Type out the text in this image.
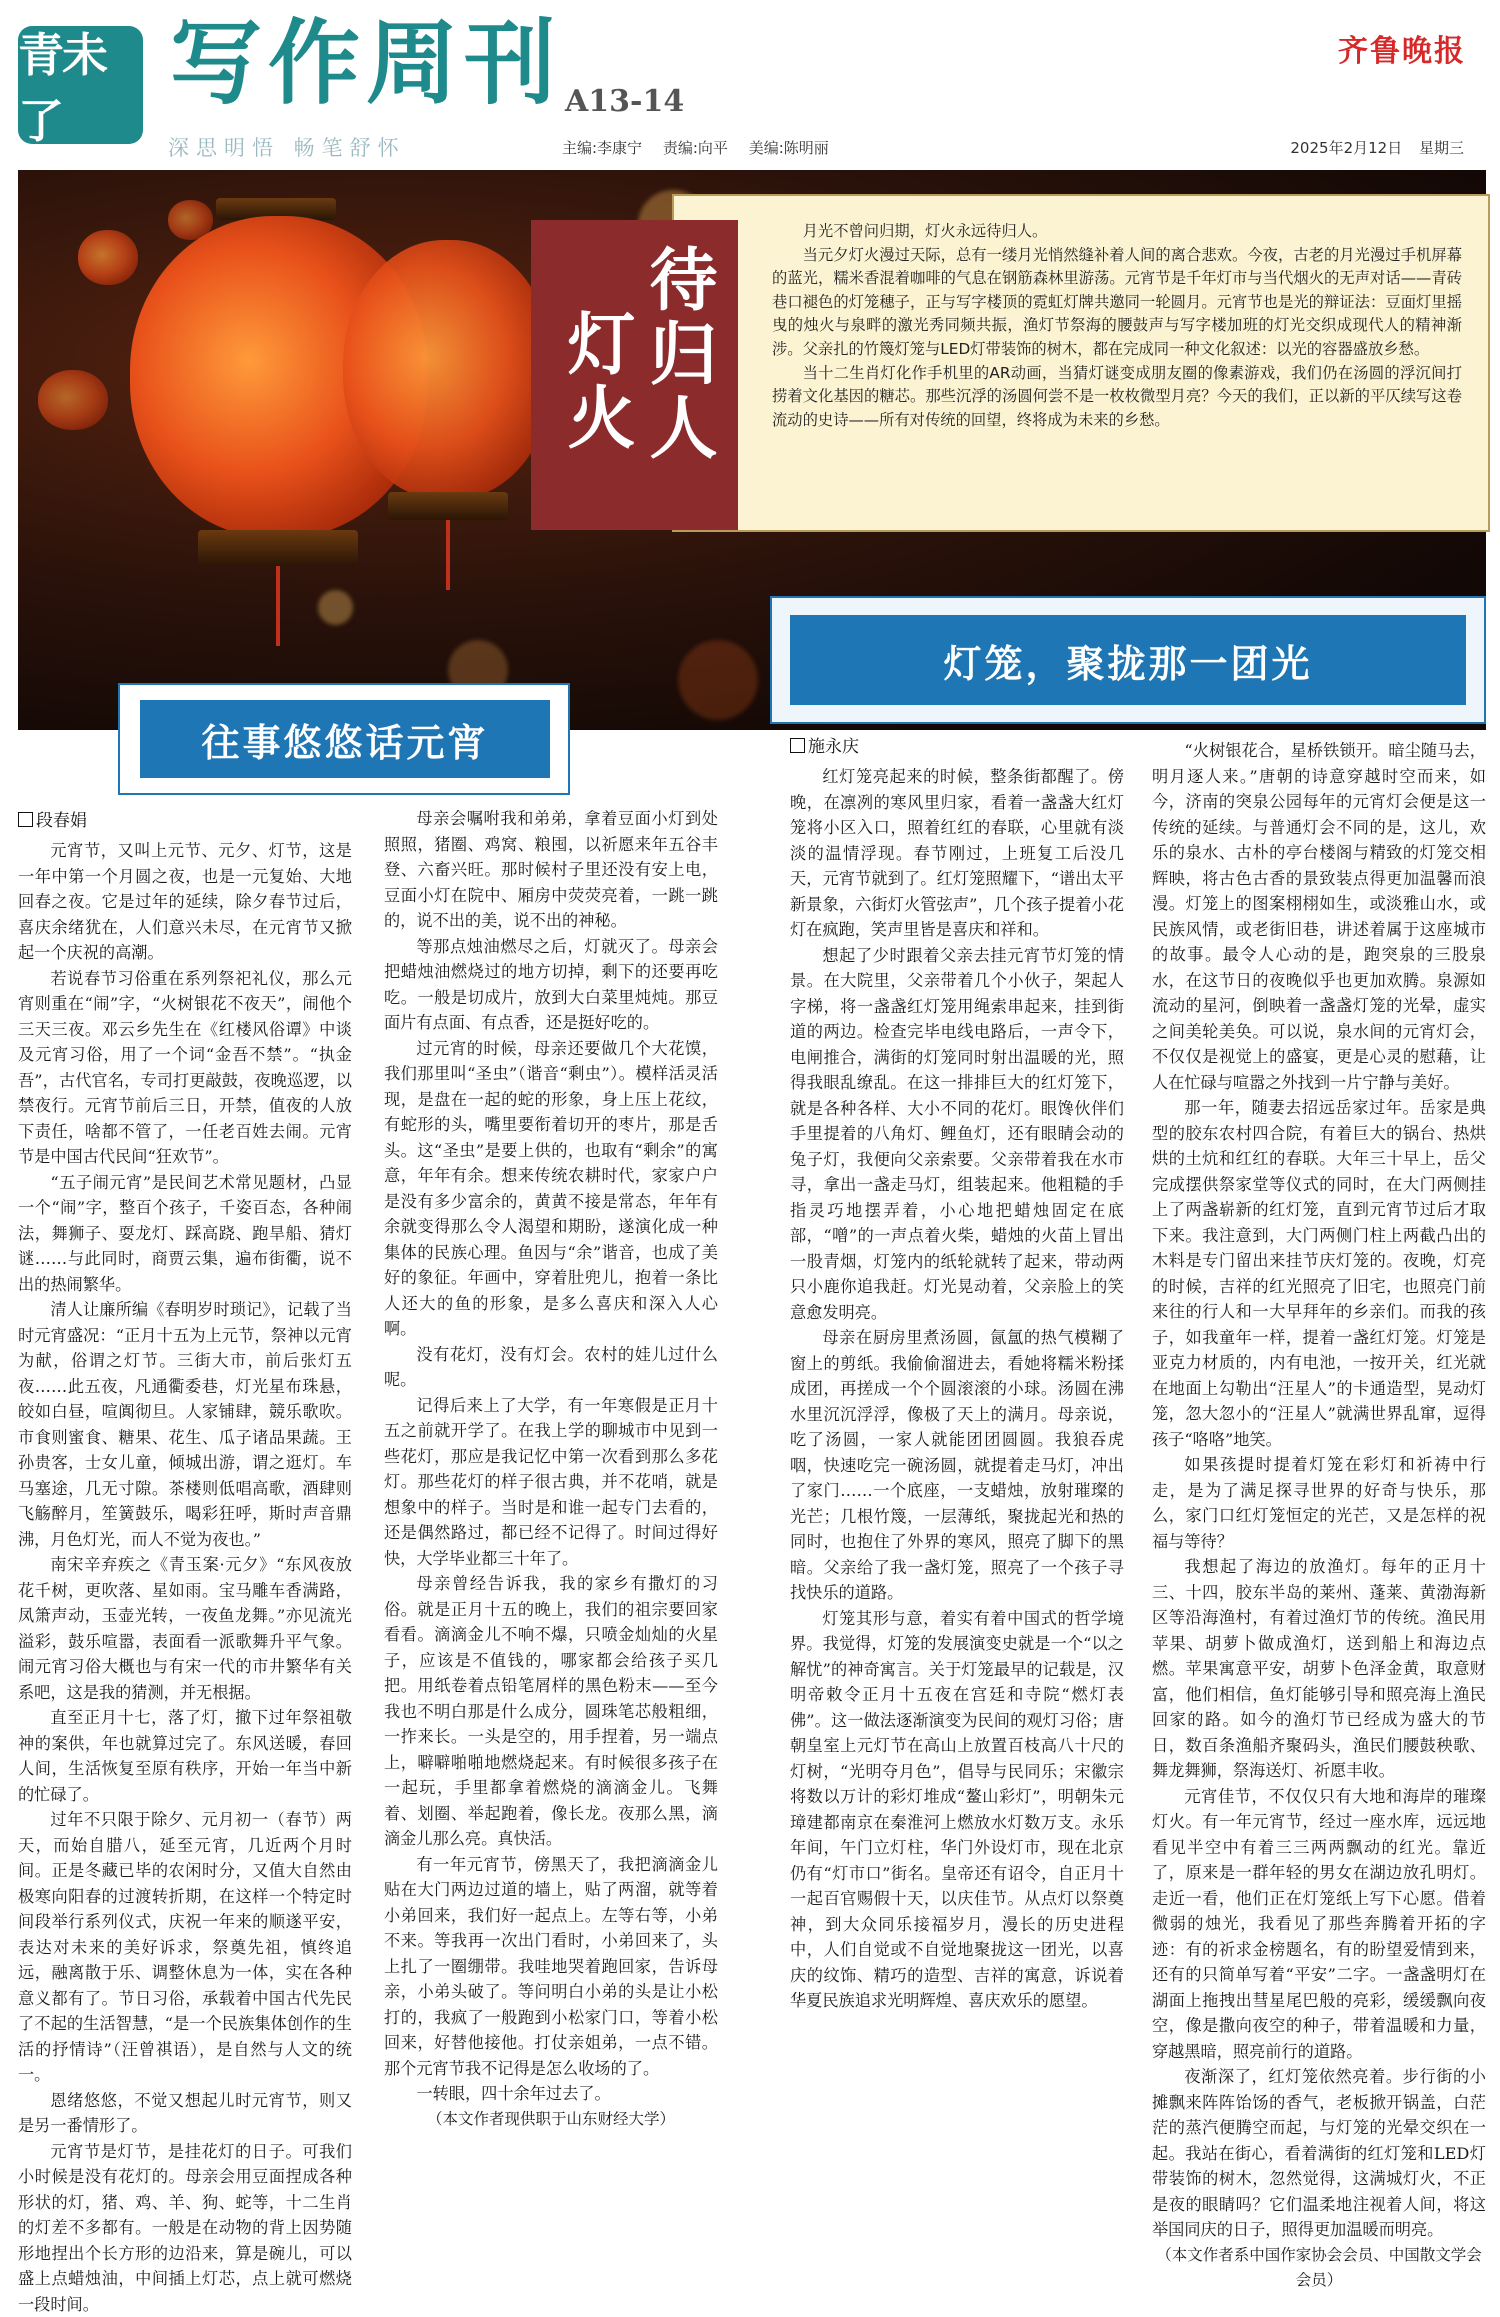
青未了
写作周刊 A13-14
齐鲁晚报
深思明悟 畅笔舒怀	主编:李康宁 责编:向平 美编:陈明丽	2025年2月12日 星期三

月光不曾问归期，灯火永远待归人。

当元夕灯火漫过天际，总有一缕月光悄然缝补着人间的离合悲欢。今夜，古老的月光漫过手机屏幕的蓝光，糯米香混着咖啡的气息在钢筋森林里游荡。元宵节是千年灯市与当代烟火的无声对话——青砖巷口褪色的灯笼穗子，正与写字楼顶的霓虹灯牌共邀同一轮圆月。元宵节也是光的辩证法：豆面灯里摇曳的烛火与泉畔的激光秀同频共振，渔灯节祭海的腰鼓声与写字楼加班的灯光交织成现代人的精神渐涉。父亲扎的竹篾灯笼与LED灯带装饰的树木，都在完成同一种文化叙述：以光的容器盛放乡愁。

当十二生肖灯化作手机里的AR动画，当猜灯谜变成朋友圈的像素游戏，我们仍在汤圆的浮沉间打捞着文化基因的糖芯。那些沉浮的汤圆何尝不是一枚枚微型月亮？今天的我们，正以新的平仄续写这卷流动的史诗——所有对传统的回望，终将成为未来的乡愁。

待归人
灯火
灯笼，聚拢那一团光
往事悠悠话元宵
段春娟
施永庆

元宵节，又叫上元节、元夕、灯节，这是一年中第一个月圆之夜，也是一元复始、大地回春之夜。它是过年的延续，除夕春节过后，喜庆余绪犹在，人们意兴未尽，在元宵节又掀起一个庆祝的高潮。

若说春节习俗重在系列祭祀礼仪，那么元宵则重在“闹”字，“火树银花不夜天”，闹他个三天三夜。邓云乡先生在《红楼风俗谭》中谈及元宵习俗，用了一个词“金吾不禁”。“执金吾”，古代官名，专司打更敲鼓，夜晚巡逻，以禁夜行。元宵节前后三日，开禁，值夜的人放下责任，啥都不管了，一任老百姓去闹。元宵节是中国古代民间“狂欢节”。

“五子闹元宵”是民间艺术常见题材，凸显一个“闹”字，整百个孩子，千姿百态，各种闹法，舞狮子、耍龙灯、踩高跷、跑旱船、猜灯谜……与此同时，商贾云集，遍布街衢，说不出的热闹繁华。

清人让廉所编《春明岁时琐记》，记载了当时元宵盛况：“正月十五为上元节，祭神以元宵为献，俗谓之灯节。三街大市，前后张灯五夜……此五夜，凡通衢委巷，灯光星布珠悬，皎如白昼，喧阗彻旦。人家铺肆，競乐歌吹。市食则蜜食、糖果、花生、瓜子诸品果蔬。王孙贵客，士女儿童，倾城出游，谓之逛灯。车马塞途，几无寸隙。茶楼则低唱高歌，酒肆则飞觞醉月，笙簧鼓乐，喝彩狂呼，斯时声音鼎沸，月色灯光，而人不觉为夜也。”

南宋辛弃疾之《青玉案·元夕》“东风夜放花千树，更吹落、星如雨。宝马雕车香满路，凤箫声动，玉壶光转，一夜鱼龙舞。”亦见流光溢彩，鼓乐喧嚣，表面看一派歌舞升平气象。闹元宵习俗大概也与有宋一代的市井繁华有关系吧，这是我的猜测，并无根据。

直至正月十七，落了灯，撤下过年祭祖敬神的案供，年也就算过完了。东风送暖，春回人间，生活恢复至原有秩序，开始一年当中新的忙碌了。

过年不只限于除夕、元月初一（春节）两天，而始自腊八，延至元宵，几近两个月时间。正是冬藏已毕的农闲时分，又值大自然由极寒向阳春的过渡转折期，在这样一个特定时间段举行系列仪式，庆祝一年来的顺遂平安，表达对未来的美好诉求，祭奠先祖，慎终追远，融离散于乐、调整休息为一体，实在各种意义都有了。节日习俗，承载着中国古代先民了不起的生活智慧，“是一个民族集体创作的生活的抒情诗”（汪曾祺语），是自然与人文的统一。

恩绪悠悠，不觉又想起儿时元宵节，则又是另一番情形了。

元宵节是灯节，是挂花灯的日子。可我们小时候是没有花灯的。母亲会用豆面捏成各种形状的灯，猪、鸡、羊、狗、蛇等，十二生肖的灯差不多都有。一般是在动物的背上因势随形地捏出个长方形的边沿来，算是碗儿，可以盛上点蜡烛油，中间插上灯芯，点上就可燃烧一段时间。

母亲会嘱咐我和弟弟，拿着豆面小灯到处照照，猪圈、鸡窝、粮囤，以祈愿来年五谷丰登、六畜兴旺。那时候村子里还没有安上电，豆面小灯在院中、厢房中荧荧亮着，一跳一跳的，说不出的美，说不出的神秘。

等那点烛油燃尽之后，灯就灭了。母亲会把蜡烛油燃烧过的地方切掉，剩下的还要再吃吃。一般是切成片，放到大白菜里炖炖。那豆面片有点面、有点香，还是挺好吃的。

过元宵的时候，母亲还要做几个大花馍，我们那里叫“圣虫”（谐音“剩虫”）。模样活灵活现，是盘在一起的蛇的形象，身上压上花纹，有蛇形的头，嘴里要衔着切开的枣片，那是舌头。这“圣虫”是要上供的，也取有“剩余”的寓意，年年有余。想来传统农耕时代，家家户户是没有多少富余的，黄黄不接是常态，年年有余就变得那么令人渴望和期盼，遂演化成一种集体的民族心理。鱼因与“余”谐音，也成了美好的象征。年画中，穿着肚兜儿，抱着一条比人还大的鱼的形象，是多么喜庆和深入人心啊。

没有花灯，没有灯会。农村的娃儿过什么呢。

记得后来上了大学，有一年寒假是正月十五之前就开学了。在我上学的聊城市中见到一些花灯，那应是我记忆中第一次看到那么多花灯。那些花灯的样子很古典，并不花哨，就是想象中的样子。当时是和谁一起专门去看的，还是偶然路过，都已经不记得了。时间过得好快，大学毕业都三十年了。

母亲曾经告诉我，我的家乡有撒灯的习俗。就是正月十五的晚上，我们的祖宗要回家看看。滴滴金儿不响不爆，只喷金灿灿的火星子，应该是不值钱的，哪家都会给孩子买几把。用纸卷着点铅笔屑样的黑色粉末——至今我也不明白那是什么成分，圆珠笔芯般粗细，一拃来长。一头是空的，用手捏着，另一端点上，噼噼啪啪地燃烧起来。有时候很多孩子在一起玩，手里都拿着燃烧的滴滴金儿。飞舞着、划圈、举起跑着，像长龙。夜那么黑，滴滴金儿那么亮。真快活。

有一年元宵节，傍黑天了，我把滴滴金儿贴在大门两边过道的墙上，贴了两溜，就等着小弟回来，我们好一起点上。左等右等，小弟不来。等我再一次出门看时，小弟回来了，头上扎了一圈绷带。我哇地哭着跑回家，告诉母亲，小弟头破了。等问明白小弟的头是让小松打的，我疯了一般跑到小松家门口，等着小松回来，好替他接他。打仗亲姐弟，一点不错。那个元宵节我不记得是怎么收场的了。

一转眼，四十余年过去了。

（本文作者现供职于山东财经大学）

红灯笼亮起来的时候，整条街都醒了。傍晚，在凛冽的寒风里归家，看着一盏盏大红灯笼将小区入口，照着红红的春联，心里就有淡淡的温情浮现。春节刚过，上班复工后没几天，元宵节就到了。红灯笼照耀下，“谱出太平新景象，六街灯火管弦声”，几个孩子提着小花灯在疯跑，笑声里皆是喜庆和祥和。

想起了少时跟着父亲去挂元宵节灯笼的情景。在大院里，父亲带着几个小伙子，架起人字梯，将一盏盏红灯笼用绳索串起来，挂到街道的两边。检查完毕电线电路后，一声令下，电闸推合，满街的灯笼同时射出温暖的光，照得我眼乱缭乱。在这一排排巨大的红灯笼下，就是各种各样、大小不同的花灯。眼馋伙伴们手里提着的八角灯、鲤鱼灯，还有眼睛会动的兔子灯，我便向父亲索要。父亲带着我在水市寻，拿出一盏走马灯，组装起来。他粗糙的手指灵巧地摆弄着，小心地把蜡烛固定在底部，“噌”的一声点着火柴，蜡烛的火苗上冒出一股青烟，灯笼内的纸轮就转了起来，带动两只小鹿你追我赶。灯光晃动着，父亲脸上的笑意愈发明亮。

母亲在厨房里煮汤圆，氤氲的热气模糊了窗上的剪纸。我偷偷溜进去，看她将糯米粉揉成团，再搓成一个个圆滚滚的小球。汤圆在沸水里沉沉浮浮，像极了天上的满月。母亲说，吃了汤圆，一家人就能团团圆圆。我狼吞虎咽，快速吃完一碗汤圆，就提着走马灯，冲出了家门……一个底座，一支蜡烛，放射璀璨的光芒；几根竹篾，一层薄纸，聚拢起光和热的同时，也抱住了外界的寒风，照亮了脚下的黑暗。父亲给了我一盏灯笼，照亮了一个孩子寻找快乐的道路。

灯笼其形与意，着实有着中国式的哲学境界。我觉得，灯笼的发展演变史就是一个“以之解忧”的神奇寓言。关于灯笼最早的记载是，汉明帝敕令正月十五夜在宫廷和寺院“燃灯表佛”。这一做法逐渐演变为民间的观灯习俗；唐朝皇室上元灯节在高山上放置百枝高八十尺的灯树，“光明夺月色”，倡导与民同乐；宋徽宗将数以万计的彩灯堆成“鳌山彩灯”，明朝朱元璋建都南京在秦淮河上燃放水灯数万支。永乐年间，午门立灯柱，华门外设灯市，现在北京仍有“灯市口”街名。皇帝还有诏令，自正月十一起百官赐假十天，以庆佳节。从点灯以祭奠神，到大众同乐接福岁月，漫长的历史进程中，人们自觉或不自觉地聚拢这一团光，以喜庆的纹饰、精巧的造型、吉祥的寓意，诉说着华夏民族追求光明辉煌、喜庆欢乐的愿望。

“火树银花合，星桥铁锁开。暗尘随马去，明月逐人来。”唐朝的诗意穿越时空而来，如今，济南的突泉公园每年的元宵灯会便是这一传统的延续。与普通灯会不同的是，这儿，欢乐的泉水、古朴的亭台楼阁与精致的灯笼交相辉映，将古色古香的景致装点得更加温馨而浪漫。灯笼上的图案栩栩如生，或淡雅山水，或民族风情，或老街旧巷，讲述着属于这座城市的故事。最令人心动的是，跑突泉的三股泉水，在这节日的夜晚似乎也更加欢腾。泉源如流动的星河，倒映着一盏盏灯笼的光晕，虚实之间美轮美奂。可以说，泉水间的元宵灯会，不仅仅是视觉上的盛宴，更是心灵的慰藉，让人在忙碌与喧嚣之外找到一片宁静与美好。

那一年，随妻去招远岳家过年。岳家是典型的胶东农村四合院，有着巨大的锅台、热烘烘的土炕和红红的春联。大年三十早上，岳父完成摆供祭家堂等仪式的同时，在大门两侧挂上了两盏崭新的红灯笼，直到元宵节过后才取下来。我注意到，大门两侧门柱上两截凸出的木料是专门留出来挂节庆灯笼的。夜晚，灯亮的时候，吉祥的红光照亮了旧宅，也照亮门前来往的行人和一大早拜年的乡亲们。而我的孩子，如我童年一样，提着一盏红灯笼。灯笼是亚克力材质的，内有电池，一按开关，红光就在地面上勾勒出“汪星人”的卡通造型，晃动灯笼，忽大忽小的“汪星人”就满世界乱窜，逗得孩子“咯咯”地笑。

如果孩提时提着灯笼在彩灯和祈祷中行走，是为了满足探寻世界的好奇与快乐，那么，家门口红灯笼恒定的光芒，又是怎样的祝福与等待？

我想起了海边的放渔灯。每年的正月十三、十四，胶东半岛的莱州、蓬莱、黄渤海新区等沿海渔村，有着过渔灯节的传统。渔民用苹果、胡萝卜做成渔灯，送到船上和海边点燃。苹果寓意平安，胡萝卜色泽金黄，取意财富，他们相信，鱼灯能够引导和照亮海上渔民回家的路。如今的渔灯节已经成为盛大的节日，数百条渔船齐聚码头，渔民们腰鼓秧歌、舞龙舞狮，祭海送灯、祈愿丰收。

元宵佳节，不仅仅只有大地和海岸的璀璨灯火。有一年元宵节，经过一座水库，远远地看见半空中有着三三两两飘动的红光。靠近了，原来是一群年轻的男女在湖边放孔明灯。走近一看，他们正在灯笼纸上写下心愿。借着微弱的烛光，我看见了那些奔腾着开拓的字迹：有的祈求金榜题名，有的盼望爱情到来，还有的只简单写着“平安”二字。一盏盏明灯在湖面上拖拽出彗星尾巴般的亮彩，缓缓飘向夜空，像是撒向夜空的种子，带着温暖和力量，穿越黑暗，照亮前行的道路。

夜渐深了，红灯笼依然亮着。步行街的小摊飘来阵阵饴饧的香气，老板掀开锅盖，白茫茫的蒸汽便腾空而起，与灯笼的光晕交织在一起。我站在街心，看着满街的红灯笼和LED灯带装饰的树木，忽然觉得，这满城灯火，不正是夜的眼睛吗？它们温柔地注视着人间，将这举国同庆的日子，照得更加温暖而明亮。

（本文作者系中国作家协会会员、中国散文学会会员）
